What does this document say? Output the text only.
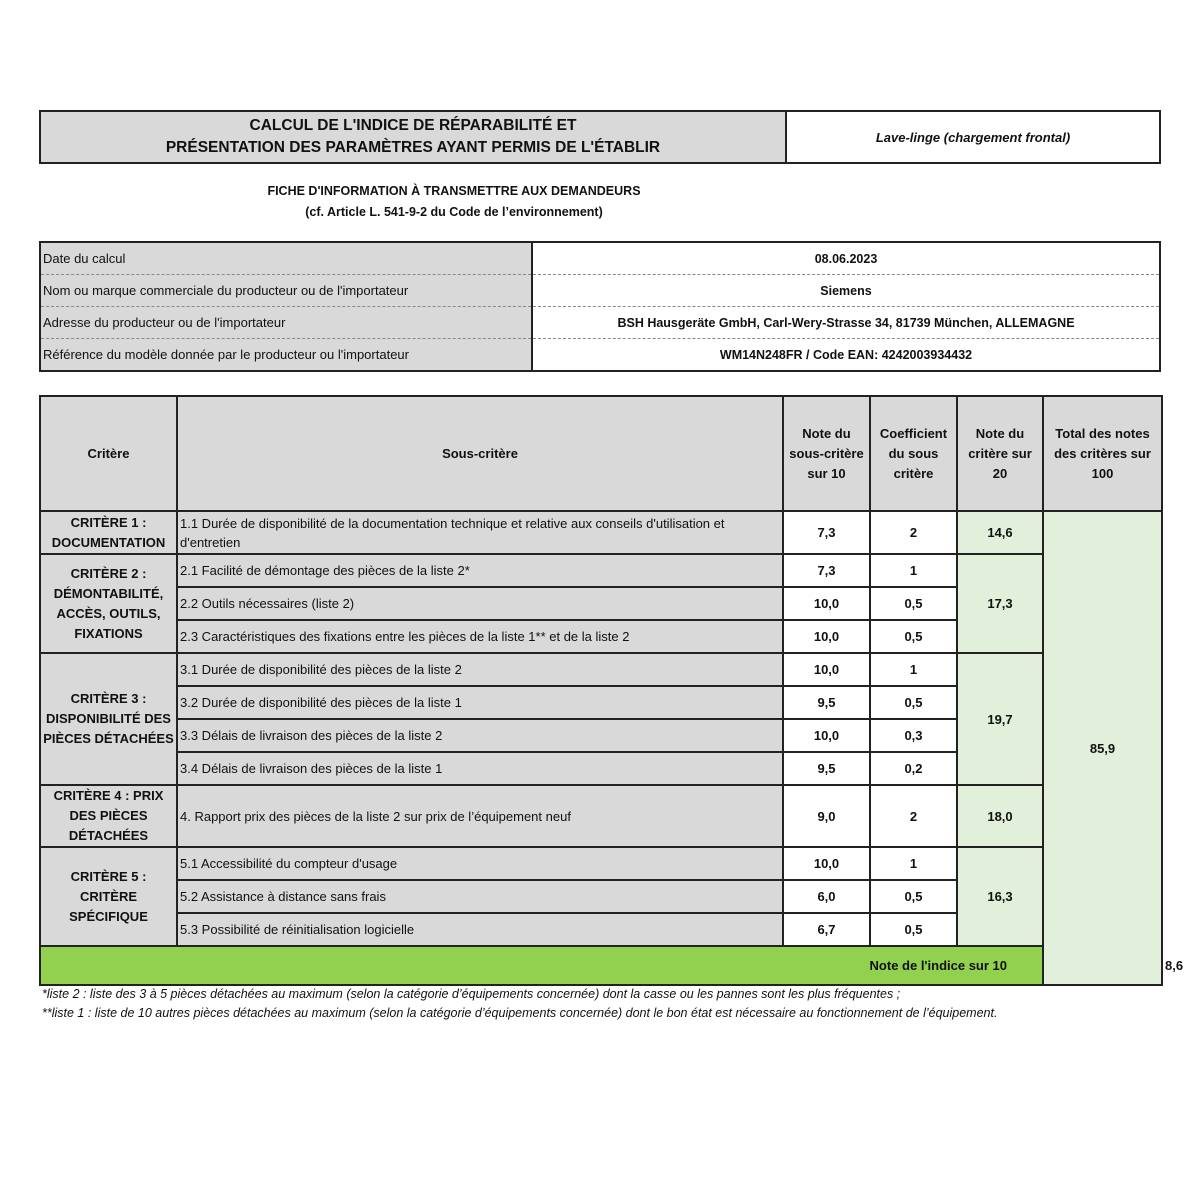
CALCUL DE L'INDICE DE RÉPARABILITÉ ET
PRÉSENTATION DES PARAMÈTRES AYANT PERMIS DE L'ÉTABLIR
Lave-linge (chargement frontal)
FICHE D'INFORMATION À TRANSMETTRE AUX DEMANDEURS
(cf. Article L. 541-9-2 du Code de l’environnement)
Date du calcul	08.06.2023
Nom ou marque commerciale du producteur ou de l'importateur	Siemens
Adresse du producteur ou de l'importateur	BSH Hausgeräte GmbH, Carl-Wery-Strasse 34, 81739 München, ALLEMAGNE
Référence du modèle donnée par le producteur ou l'importateur	WM14N248FR / Code EAN: 4242003934432
Critère	Sous-critère	Note du sous-critère sur 10	Coefficient du sous critère	Note du critère sur 20	Total des notes des critères sur 100	
CRITÈRE 1 : DOCUMENTATION	1.1 Durée de disponibilité de la documentation technique et relative aux conseils d'utilisation et d'entretien	7,3	2	14,6	85,9	
CRITÈRE 2 : DÉMONTABILITÉ, ACCÈS, OUTILS, FIXATIONS	2.1 Facilité de démontage des pièces de la liste 2*	7,3	1	17,3		
	2.2 Outils nécessaires (liste 2)	10,0	0,5			
	2.3 Caractéristiques des fixations entre les pièces de la liste 1** et de la liste 2	10,0	0,5			
CRITÈRE 3 : DISPONIBILITÉ DES PIÈCES DÉTACHÉES	3.1 Durée de disponibilité des pièces de la liste 2	10,0	1	19,7		
	3.2 Durée de disponibilité des pièces de la liste 1	9,5	0,5			
	3.3 Délais de livraison des pièces de la liste 2	10,0	0,3			
	3.4 Délais de livraison des pièces de la liste 1	9,5	0,2			
CRITÈRE 4 : PRIX DES PIÈCES DÉTACHÉES	4. Rapport prix des pièces de la liste 2 sur prix de l’équipement neuf	9,0	2	18,0		
CRITÈRE 5 : CRITÈRE SPÉCIFIQUE	5.1 Accessibilité du compteur d'usage	10,0	1	16,3		
	5.2 Assistance à distance sans frais	6,0	0,5			
	5.3 Possibilité de réinitialisation logicielle	6,7	0,5			
Note de l'indice sur 10						8,6
*liste 2 : liste des 3 à 5 pièces détachées au maximum (selon la catégorie d’équipements concernée) dont la casse ou les pannes sont les plus fréquentes ;
**liste 1 : liste de 10 autres pièces détachées au maximum (selon la catégorie d’équipements concernée) dont le bon état est nécessaire au fonctionnement de l’équipement.
